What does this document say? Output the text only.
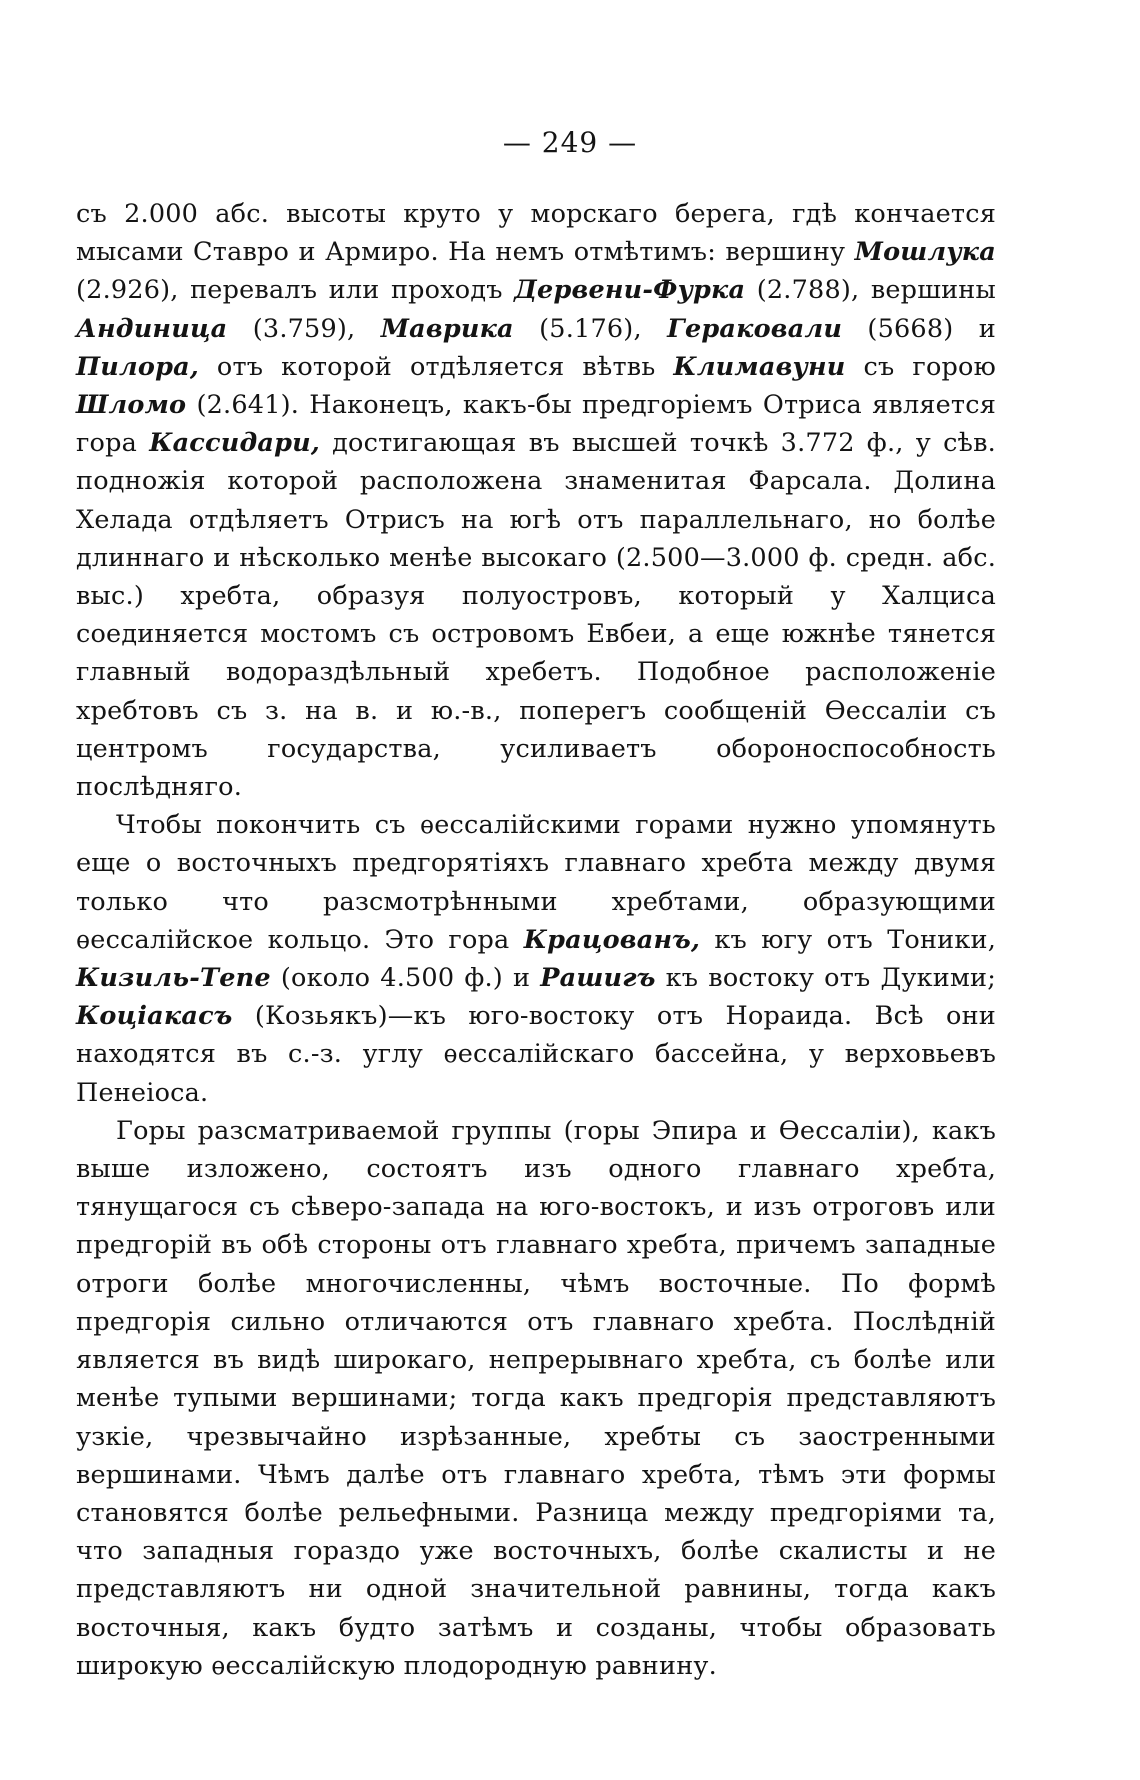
— 249 —

съ 2.000 абс. высоты круто у морскаго берега, гдѣ кончается мысами Ставро и Армиро. На немъ отмѣтимъ: вершину Мошлука (2.926), перевалъ или проходъ Дервени-Фурка (2.788), вершины Андиница (3.759), Маврика (5.176), Гераковали (5668) и Пилора, отъ которой отдѣляется вѣтвь Климавуни съ горою Шломо (2.641). Наконецъ, какъ-бы предгоріемъ Отриса является гора Кассидари, достигающая въ высшей точкѣ 3.772 ф., у сѣв. подножія которой расположена знаменитая Фарсала. Долина Хелада отдѣляетъ Отрисъ на югѣ отъ параллельнаго, но болѣе длиннаго и нѣсколько менѣе высокаго (2.500—3.000 ф. средн. абс. выс.) хребта, образуя полуостровъ, который у Халциса соединяется мостомъ съ островомъ Евбеи, а еще южнѣе тянется главный водораздѣльный хребетъ. Подобное расположеніе хребтовъ съ з. на в. и ю.-в., поперегъ сообщеній Ѳессаліи съ центромъ государства, усиливаетъ обороноспособность послѣдняго.

Чтобы покончить съ ѳессалійскими горами нужно упомянуть еще о восточныхъ предгорятіяхъ главнаго хребта между двумя только что разсмотрѣнными хребтами, образующими ѳессалійское кольцо. Это гора Крацованъ, къ югу отъ Тоники, Кизиль-Тепе (около 4.500 ф.) и Рашигъ къ востоку отъ Дукими; Коціакасъ (Козьякъ)—къ юго-востоку отъ Нораида. Всѣ они находятся въ с.-з. углу ѳессалійскаго бассейна, у верховьевъ Пенеіоса.

Горы разсматриваемой группы (горы Эпира и Ѳессаліи), какъ выше изложено, состоятъ изъ одного главнаго хребта, тянущагося съ сѣверо-запада на юго-востокъ, и изъ отроговъ или предгорій въ обѣ стороны отъ главнаго хребта, причемъ западные отроги болѣе многочисленны, чѣмъ восточные. По формѣ предгорія сильно отличаются отъ главнаго хребта. Послѣдній является въ видѣ широкаго, непрерывнаго хребта, съ болѣе или менѣе тупыми вершинами; тогда какъ предгорія представляютъ узкіе, чрезвычайно изрѣзанные, хребты съ заостренными вершинами. Чѣмъ далѣе отъ главнаго хребта, тѣмъ эти формы становятся болѣе рельефными. Разница между предгоріями та, что западныя гораздо уже восточныхъ, болѣе скалисты и не представляютъ ни одной значительной равнины, тогда какъ восточныя, какъ будто затѣмъ и созданы, чтобы образовать широкую ѳессалійскую плодородную равнину.
